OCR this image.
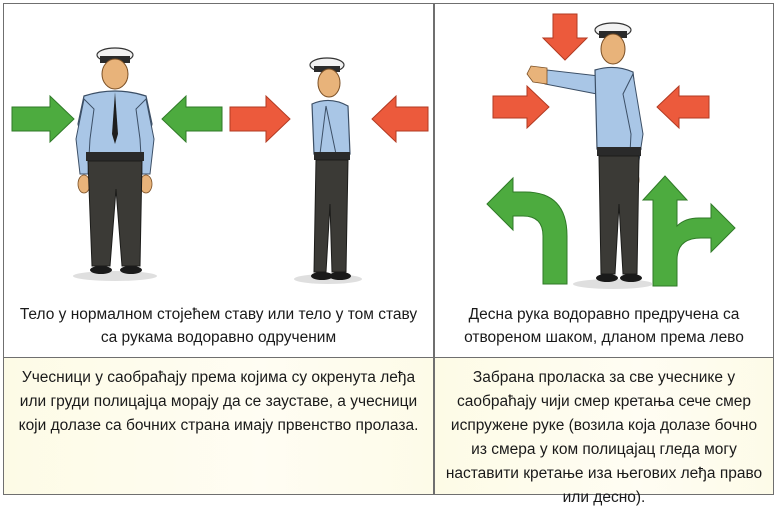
Тело у нормалном стојећем ставу или тело у том ставу са рукама водоравно одрученим
Десна рука водоравно предручена са отвореном шаком, дланом према лево
Учесници у саобраћају према којима су окренута леђа или груди полицајца морају да се зауставе, а учесници који долазе са бочних страна имају првенство пролаза.
Забрана проласка за све учеснике у саобраћају чији смер кретања сече смер испружене руке (возила која долазе бочно из смера у ком полицајац гледа могу наставити кретање иза његових леђа право или десно).
